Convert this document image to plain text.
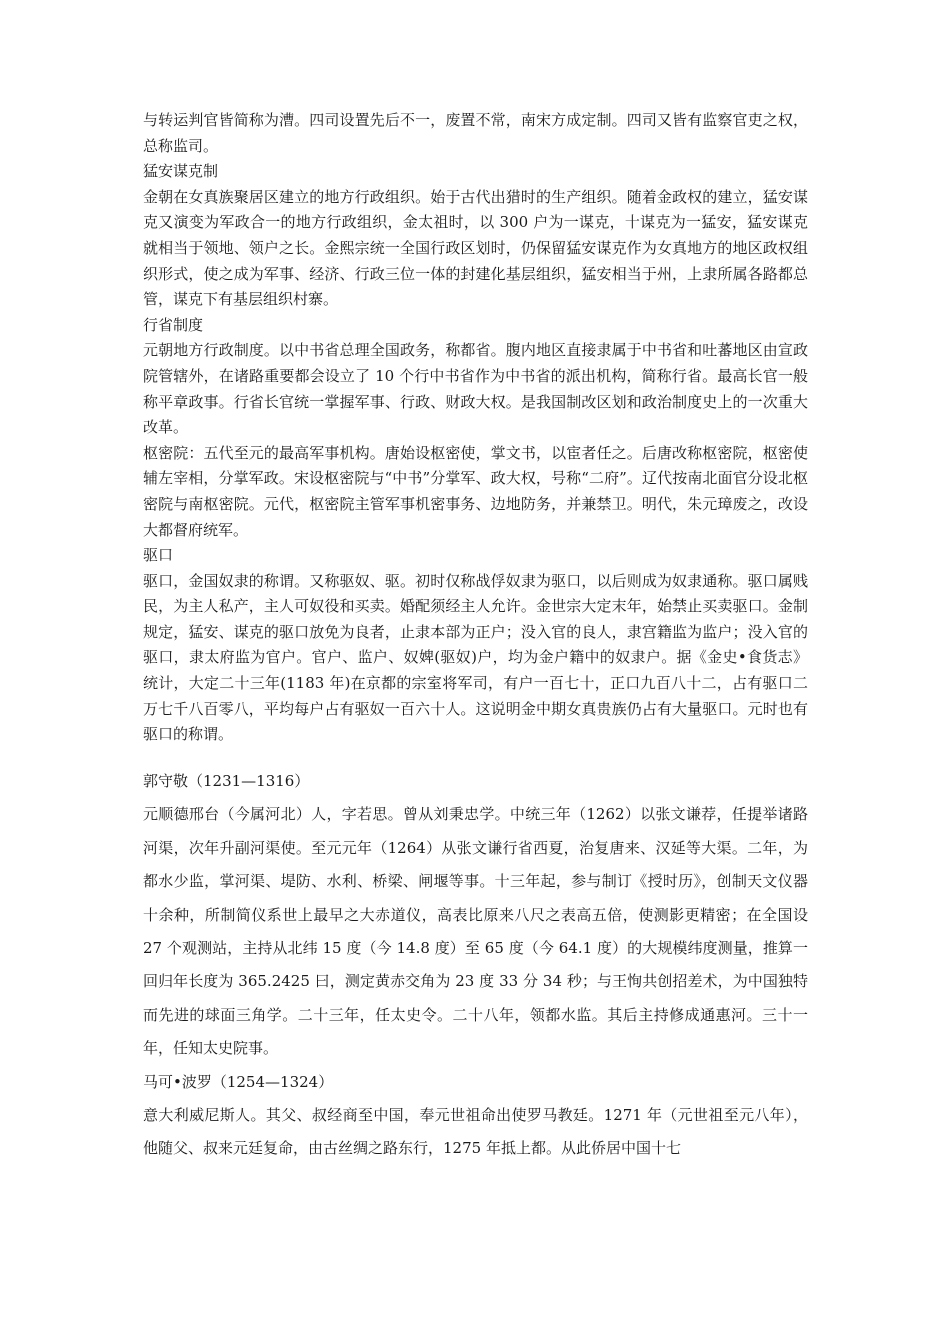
与转运判官皆简称为漕。四司设置先后不一，废置不常，南宋方成定制。四司又皆有监察官吏之权，总称监司。

猛安谋克制

金朝在女真族聚居区建立的地方行政组织。始于古代出猎时的生产组织。随着金政权的建立，猛安谋克又演变为军政合一的地方行政组织，金太祖时，以 300 户为一谋克，十谋克为一猛安，猛安谋克就相当于领地、领户之长。金熙宗统一全国行政区划时，仍保留猛安谋克作为女真地方的地区政权组织形式，使之成为军事、经济、行政三位一体的封建化基层组织，猛安相当于州，上隶所属各路都总管，谋克下有基层组织村寨。

行省制度

元朝地方行政制度。以中书省总理全国政务，称都省。腹内地区直接隶属于中书省和吐蕃地区由宣政院管辖外，在诸路重要都会设立了 10 个行中书省作为中书省的派出机构，简称行省。最高长官一般称平章政事。行省长官统一掌握军事、行政、财政大权。是我国制改区划和政治制度史上的一次重大改革。

枢密院：五代至元的最高军事机构。唐始设枢密使，掌文书，以宦者任之。后唐改称枢密院，枢密使辅左宰相，分掌军政。宋设枢密院与“中书”分掌军、政大权，号称“二府”。辽代按南北面官分设北枢密院与南枢密院。元代，枢密院主管军事机密事务、边地防务，并兼禁卫。明代，朱元璋废之，改设大都督府统军。

驱口

驱口，金国奴隶的称谓。又称驱奴、驱。初时仅称战俘奴隶为驱口，以后则成为奴隶通称。驱口属贱民，为主人私产，主人可奴役和买卖。婚配须经主人允许。金世宗大定末年，始禁止买卖驱口。金制规定，猛安、谋克的驱口放免为良者，止隶本部为正户；没入官的良人，隶宫籍监为监户；没入官的驱口，隶太府监为官户。官户、监户、奴婢(驱奴)户，均为金户籍中的奴隶户。据《金史•食货志》统计，大定二十三年(1183 年)在京都的宗室将军司，有户一百七十，正口九百八十二，占有驱口二万七千八百零八，平均每户占有驱奴一百六十人。这说明金中期女真贵族仍占有大量驱口。元时也有驱口的称谓。

郭守敬（1231—1316）

元顺德邢台（今属河北）人，字若思。曾从刘秉忠学。中统三年（1262）以张文谦荐，任提举诸路河渠，次年升副河渠使。至元元年（1264）从张文谦行省西夏，治复唐来、汉延等大渠。二年，为都水少监，掌河渠、堤防、水利、桥梁、闸堰等事。十三年起，参与制订《授时历》，创制天文仪器十余种，所制简仪系世上最早之大赤道仪，高表比原来八尺之表高五倍，使测影更精密；在全国设 27 个观测站，主持从北纬 15 度（今 14.8 度）至 65 度（今 64.1 度）的大规模纬度测量，推算一回归年长度为 365.2425 曰，测定黄赤交角为 23 度 33 分 34 秒；与王恂共创招差术，为中国独特而先进的球面三角学。二十三年，任太史令。二十八年，领都水监。其后主持修成通惠河。三十一年，任知太史院事。

马可•波罗（1254—1324）

意大利威尼斯人。其父、叔经商至中国，奉元世祖命出使罗马教廷。1271 年（元世祖至元八年），他随父、叔来元廷复命，由古丝绸之路东行，1275 年抵上都。从此侨居中国十七
